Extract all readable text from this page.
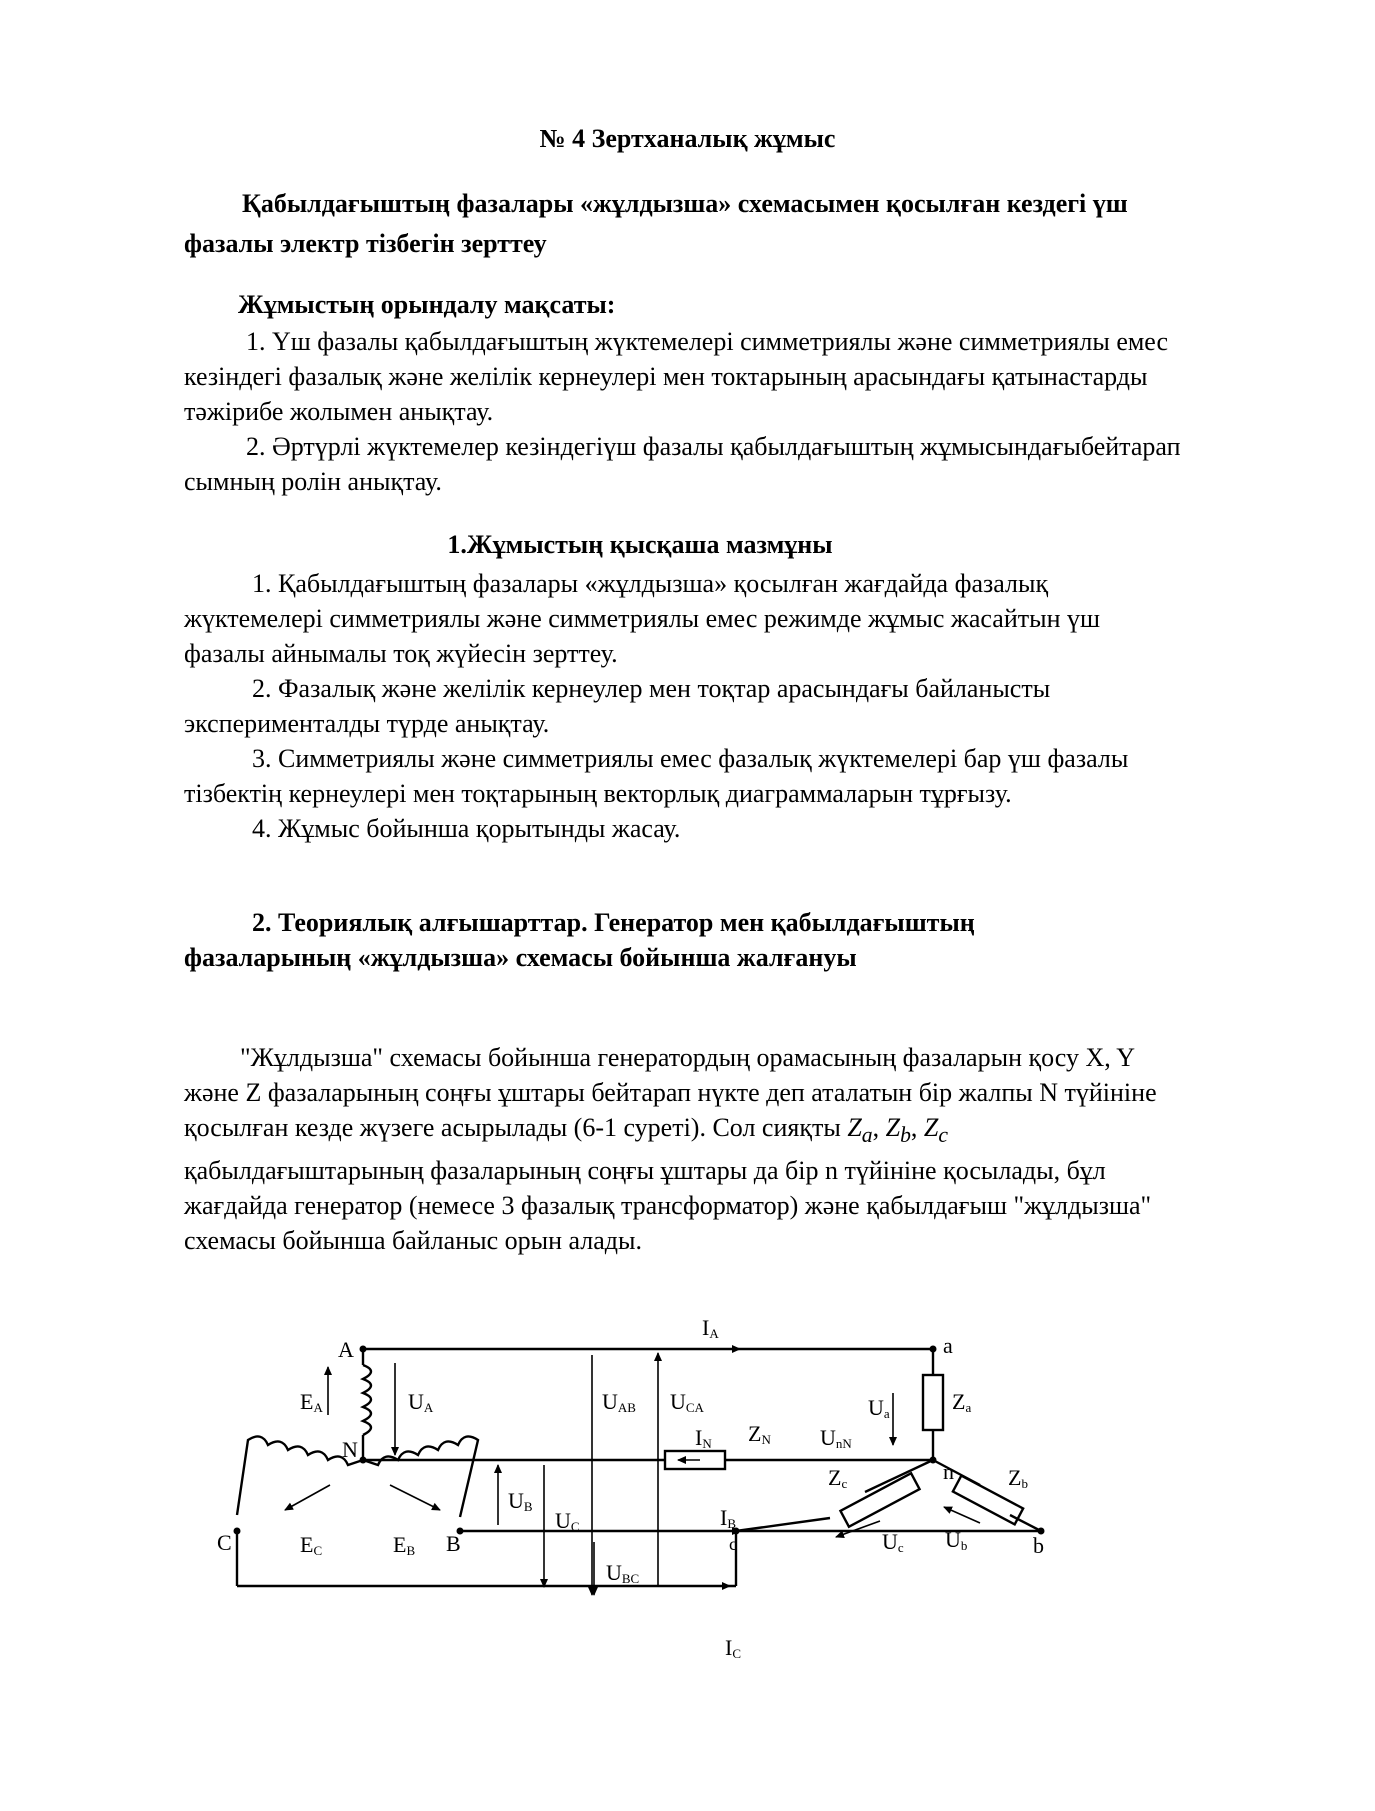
№ 4 Зертханалық жұмыс
Қабылдағыштың фазалары «жұлдызша» схемасымен қосылған кездегі үш фазалы электр тізбегін зерттеу
Жұмыстың орындалу мақсаты:
1. Үш фазалы қабылдағыштың жүктемелері симметриялы және симметриялы емес кезіндегі фазалық және желілік кернеулері мен токтарының арасындағы қатынастарды тәжірибе жолымен анықтау.
2. Әртүрлі жүктемелер кезіндегіүш фазалы қабылдағыштың жұмысындағыбейтарап сымның ролін анықтау.
1.Жұмыстың қысқаша мазмұны
1. Қабылдағыштың фазалары «жұлдызша» қосылған жағдайда фазалық жүктемелері симметриялы және симметриялы емес режимде жұмыс жасайтын үш фазалы айнымалы тоқ жүйесін зерттеу.
2. Фазалық және желілік кернеулер мен тоқтар арасындағы байланысты эксперименталды түрде анықтау.
3. Симметриялы және симметриялы емес фазалық жүктемелері бар үш фазалы тізбектің кернеулері мен тоқтарының векторлық диаграммаларын тұрғызу.
4. Жұмыс бойынша қорытынды жасау.
2. Теориялық алғышарттар. Генератор мен қабылдағыштың фазаларының «жұлдызша» схемасы бойынша жалғануы
"Жұлдызша" схемасы бойынша генератордың орамасының фазаларын қосу X, Y және Z фазаларының соңғы ұштары бейтарап нүкте деп аталатын бір жалпы N түйініне қосылған кезде жүзеге асырылады (6-1 суреті). Сол сияқты $Z_a$, $Z_b$, $Z_c$ қабылдағыштарының фазаларының соңғы ұштары да бір n түйініне қосылады, бұл жағдайда генератор (немесе 3 фазалық трансформатор) және қабылдағыш "жұлдызша" схемасы бойынша байланыс орын алады.
A
N
C	B
a
n
b
c
EA	UA	UAB UCA
UB
UC
UBC
EC	EB
IA
IN
IB
IC
ZN UnN
Ua	Za
Zc	Zb
Uc Ub
